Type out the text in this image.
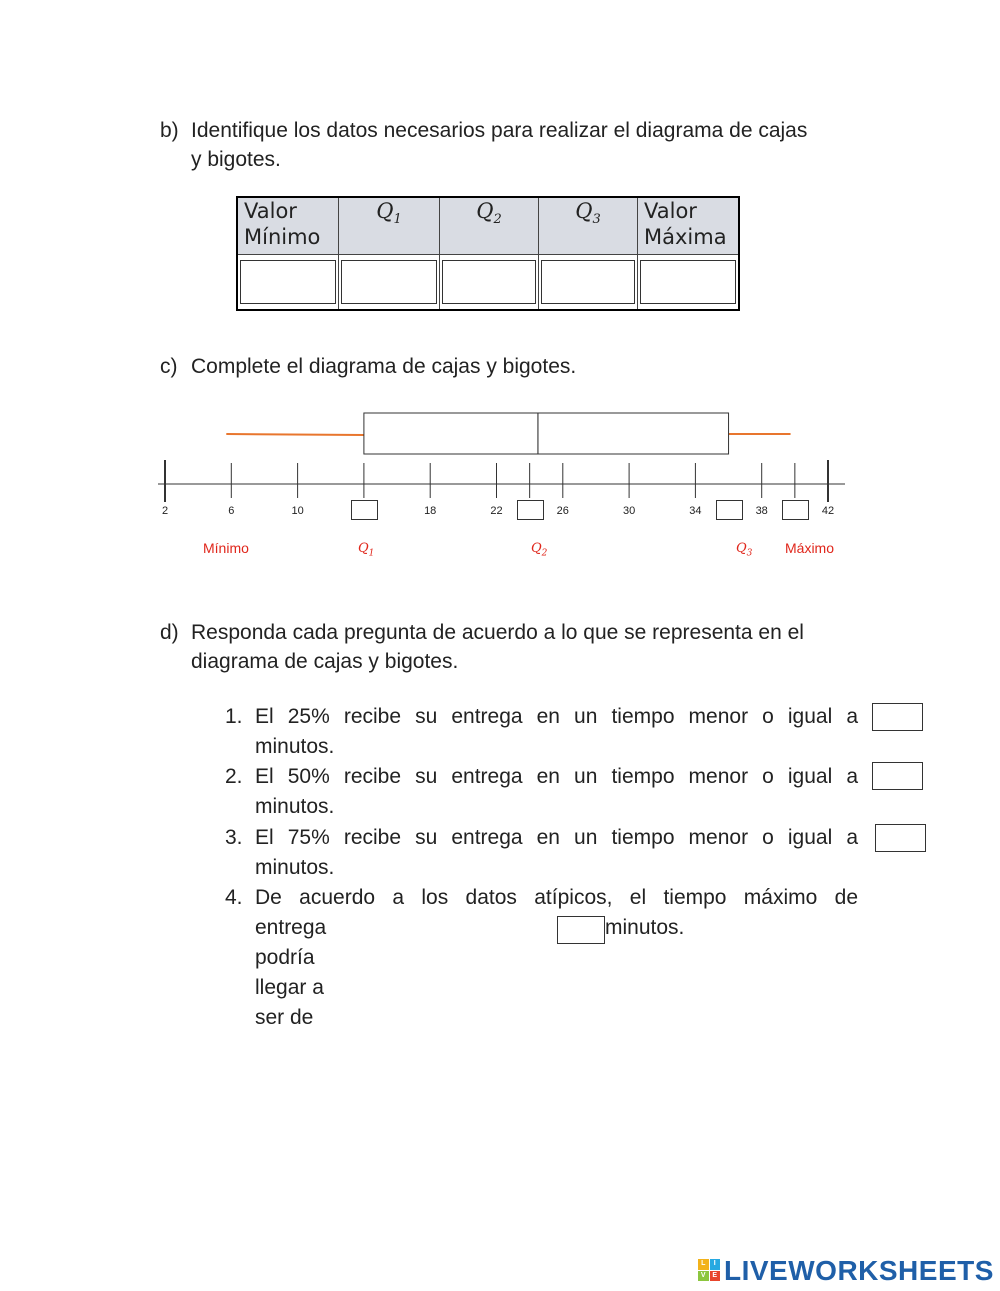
b) Identifique los datos necesarios para realizar el diagrama de cajas
y bigotes.
Valor Mínimo	$Q_1$	$Q_2$	$Q_3$	Valor Máxima

c) Complete el diagrama de cajas y bigotes.
2	6	10	18	22	26	30	34	38	42
Mínimo	$Q_1$	$Q_2$	$Q_3$ Máximo
d) Responda cada pregunta de acuerdo a lo que se representa en el
diagrama de cajas y bigotes.
1. El 25% recibe su entrega en un tiempo menor o igual a
minutos.
2. El 50% recibe su entrega en un tiempo menor o igual a
minutos.
3. El 75% recibe su entrega en un tiempo menor o igual a
minutos.
4. De acuerdo a los datos atípicos, el tiempo máximo de
entrega podría llegar a ser de
minutos.
L	I
V E LIVEWORKSHEETS
